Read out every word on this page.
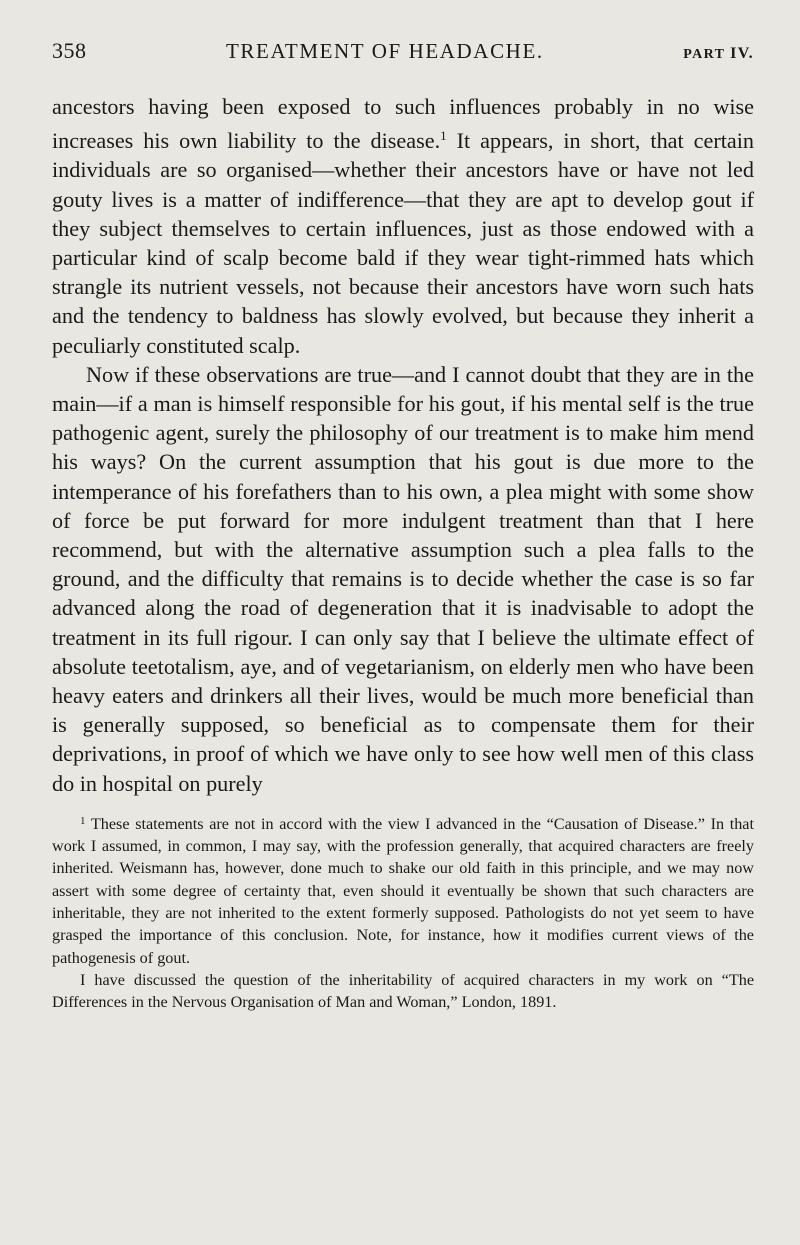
358	TREATMENT OF HEADACHE.	PART IV.

ancestors having been exposed to such influences probably in no wise increases his own liability to the disease.$^1$ It appears, in short, that certain individuals are so organised—whether their ancestors have or have not led gouty lives is a matter of indifference—that they are apt to develop gout if they subject themselves to certain influences, just as those endowed with a particular kind of scalp become bald if they wear tight-rimmed hats which strangle its nutrient vessels, not because their ancestors have worn such hats and the tendency to baldness has slowly evolved, but because they inherit a peculiarly constituted scalp.

Now if these observations are true—and I cannot doubt that they are in the main—if a man is himself responsible for his gout, if his mental self is the true pathogenic agent, surely the philosophy of our treatment is to make him mend his ways? On the current assumption that his gout is due more to the intemperance of his forefathers than to his own, a plea might with some show of force be put forward for more indulgent treatment than that I here recommend, but with the alternative assumption such a plea falls to the ground, and the difficulty that remains is to decide whether the case is so far advanced along the road of degeneration that it is inadvisable to adopt the treatment in its full rigour. I can only say that I believe the ultimate effect of absolute teetotalism, aye, and of vegetarianism, on elderly men who have been heavy eaters and drinkers all their lives, would be much more beneficial than is generally supposed, so beneficial as to compensate them for their deprivations, in proof of which we have only to see how well men of this class do in hospital on purely

$^1$ These statements are not in accord with the view I advanced in the “Causation of Disease.” In that work I assumed, in common, I may say, with the profession generally, that acquired characters are freely inherited. Weismann has, however, done much to shake our old faith in this principle, and we may now assert with some degree of certainty that, even should it eventually be shown that such characters are inheritable, they are not inherited to the extent formerly supposed. Pathologists do not yet seem to have grasped the importance of this conclusion. Note, for instance, how it modifies current views of the pathogenesis of gout.

I have discussed the question of the inheritability of acquired characters in my work on “The Differences in the Nervous Organisation of Man and Woman,” London, 1891.
